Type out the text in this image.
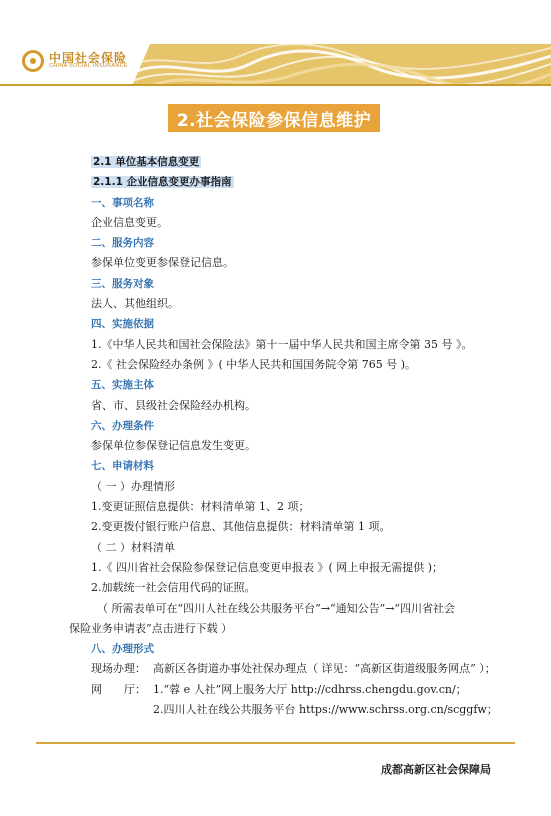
中国社会保险
CHINA SOCIAL INSURANCE
2.社会保险参保信息维护
2.1 单位基本信息变更
2.1.1 企业信息变更办事指南
一、事项名称
企业信息变更。
二、服务内容
参保单位变更参保登记信息。
三、服务对象
法人、其他组织。
四、实施依据
1.《中华人民共和国社会保险法》第十一届中华人民共和国主席令第 35 号 》。
2.《 社会保险经办条例 》( 中华人民共和国国务院令第 765 号 )。
五、实施主体
省、市、县级社会保险经办机构。
六、办理条件
参保单位参保登记信息发生变更。
七、申请材料
（ 一 ）办理情形
1.变更证照信息提供：材料清单第 1、2 项；
2.变更拨付银行账户信息、其他信息提供：材料清单第 1 项。
（ 二 ）材料清单
1.《 四川省社会保险参保登记信息变更申报表 》( 网上申报无需提供 )；
2.加载统一社会信用代码的证照。
（ 所需表单可在“四川人社在线公共服务平台”→“通知公告”→“四川省社会
保险业务申请表”点击进行下载 ）
八、办理形式
现场办理： 高新区各街道办事处社保办理点（ 详见：“高新区街道级服务网点” ）；
网　　厅： 1.“蓉 e 人社”网上服务大厅 http://cdhrss.chengdu.gov.cn/；
2.四川人社在线公共服务平台 https://www.schrss.org.cn/scggfw；
成都高新区社会保障局
